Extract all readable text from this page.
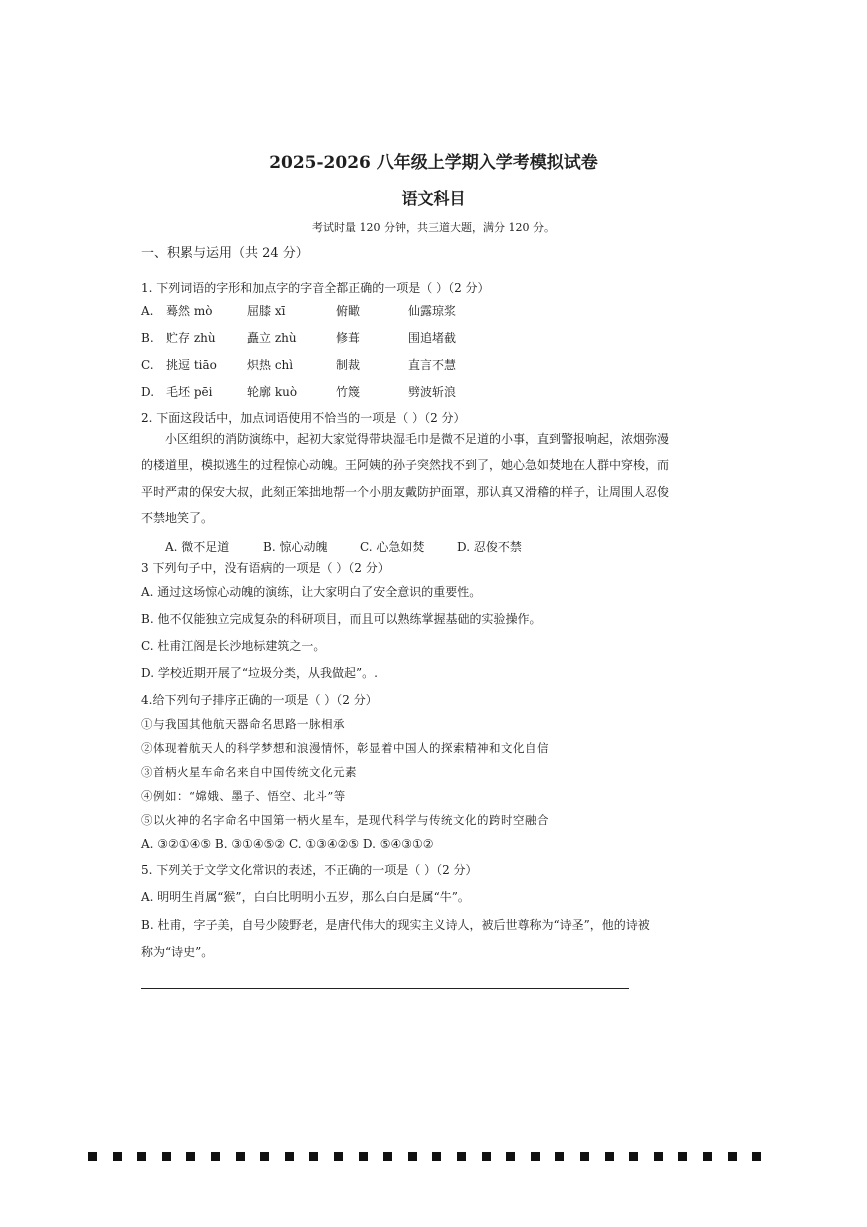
2025-2026 八年级上学期入学考模拟试卷
语文科目
考试时量 120 分钟，共三道大题，满分 120 分。
一、积累与运用（共 24 分）
1. 下列词语的字形和加点字的字音全都正确的一项是（ ）（2 分）
A. 蓦然 mò	屈膝 xī	俯瞰	仙露琼浆
B. 贮存 zhù	矗立 zhù	修葺	围追堵截
C. 挑逗 tiāo	炽热 chì	制裁	直言不慧
D. 毛坯 pēi	轮廓 kuò	竹篾	劈波斩浪
2. 下面这段话中，加点词语使用不恰当的一项是（ ）（2 分）
小区组织的消防演练中，起初大家觉得带块湿毛巾是微不足道的小事，直到警报响起，浓烟弥漫
的楼道里，模拟逃生的过程惊心动魄。王阿姨的孙子突然找不到了，她心急如焚地在人群中穿梭，而
平时严肃的保安大叔，此刻正笨拙地帮一个小朋友戴防护面罩，那认真又滑稽的样子，让周围人忍俊
不禁地笑了。
A. 微不足道	B. 惊心动魄	C. 心急如焚	D. 忍俊不禁
3 下列句子中，没有语病的一项是（ ）（2 分）
A. 通过这场惊心动魄的演练，让大家明白了安全意识的重要性。
B. 他不仅能独立完成复杂的科研项目，而且可以熟练掌握基础的实验操作。
C. 杜甫江阁是长沙地标建筑之一。
D. 学校近期开展了“垃圾分类，从我做起”。.
4.给下列句子排序正确的一项是（ ）（2 分）
①与我国其他航天器命名思路一脉相承
②体现着航天人的科学梦想和浪漫情怀，彰显着中国人的探索精神和文化自信
③首柄火星车命名来自中国传统文化元素
④例如：“嫦娥、墨子、悟空、北斗”等
⑤以火神的名字命名中国第一柄火星车，是现代科学与传统文化的跨时空融合
A. ③②①④⑤ B. ③①④⑤② C. ①③④②⑤ D. ⑤④③①②
5. 下列关于文学文化常识的表述，不正确的一项是（ ）（2 分）
A. 明明生肖属“猴”，白白比明明小五岁，那么白白是属“牛”。
B. 杜甫，字子美，自号少陵野老，是唐代伟大的现实主义诗人，被后世尊称为“诗圣”，他的诗被
称为“诗史”。
